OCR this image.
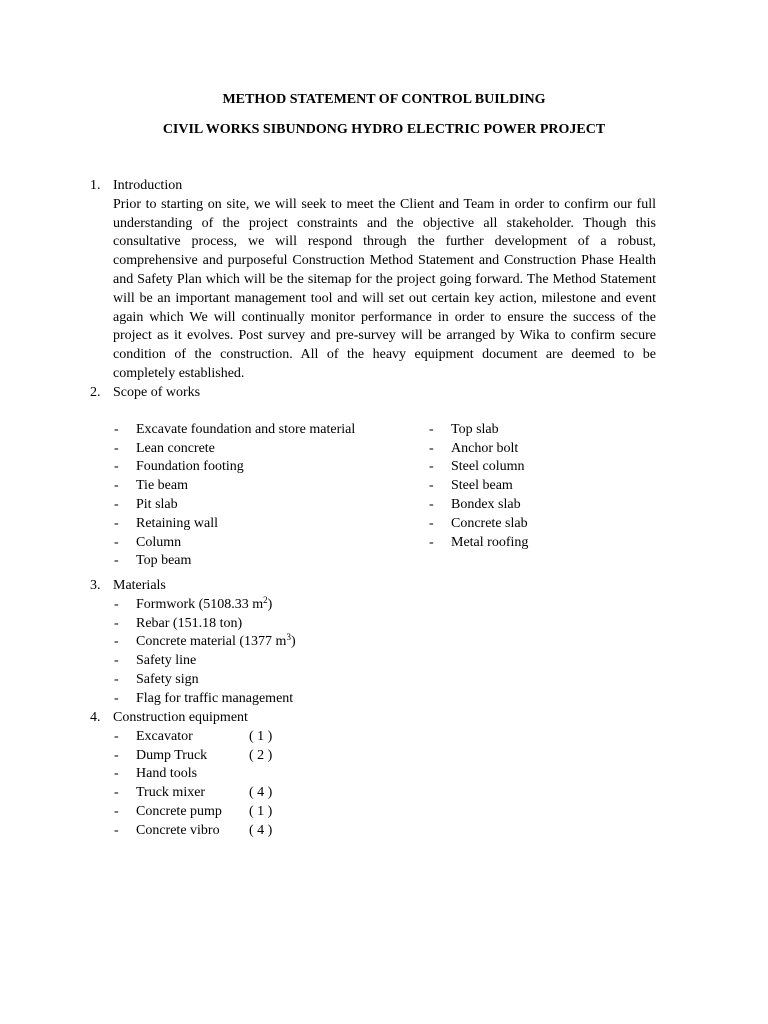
METHOD STATEMENT OF CONTROL BUILDING
CIVIL WORKS SIBUNDONG HYDRO ELECTRIC POWER PROJECT
1. Introduction

Prior to starting on site, we will seek to meet the Client and Team in order to confirm our full understanding of the project constraints and the objective all stakeholder. Though this consultative process, we will respond through the further development of a robust, comprehensive and purposeful Construction Method Statement and Construction Phase Health and Safety Plan which will be the sitemap for the project going forward. The Method Statement will be an important management tool and will set out certain key action, milestone and event again which We will continually monitor performance in order to ensure the success of the project as it evolves. Post survey and pre-survey will be arranged by Wika to confirm secure condition of the construction. All of the heavy equipment document are deemed to be completely established.

2. Scope of works
-	Excavate foundation and store material
-	Lean concrete
-	Foundation footing
-	Tie beam
-	Pit slab
-	Retaining wall
-	Column
-	Top beam
-	Top slab
-	Anchor bolt
-	Steel column
-	Steel beam
-	Bondex slab
-	Concrete slab
-	Metal roofing
3. Materials
-	Formwork (5108.33 $m^2$)
-	Rebar (151.18 ton)
-	Concrete material (1377 $m^3$)
-	Safety line
-	Safety sign
-	Flag for traffic management
4. Construction equipment
-	Excavator	( 1 )
-	Dump Truck	( 2 )
-	Hand tools
-	Truck mixer	( 4 )
-	Concrete pump ( 1 )
-	Concrete vibro ( 4 )
